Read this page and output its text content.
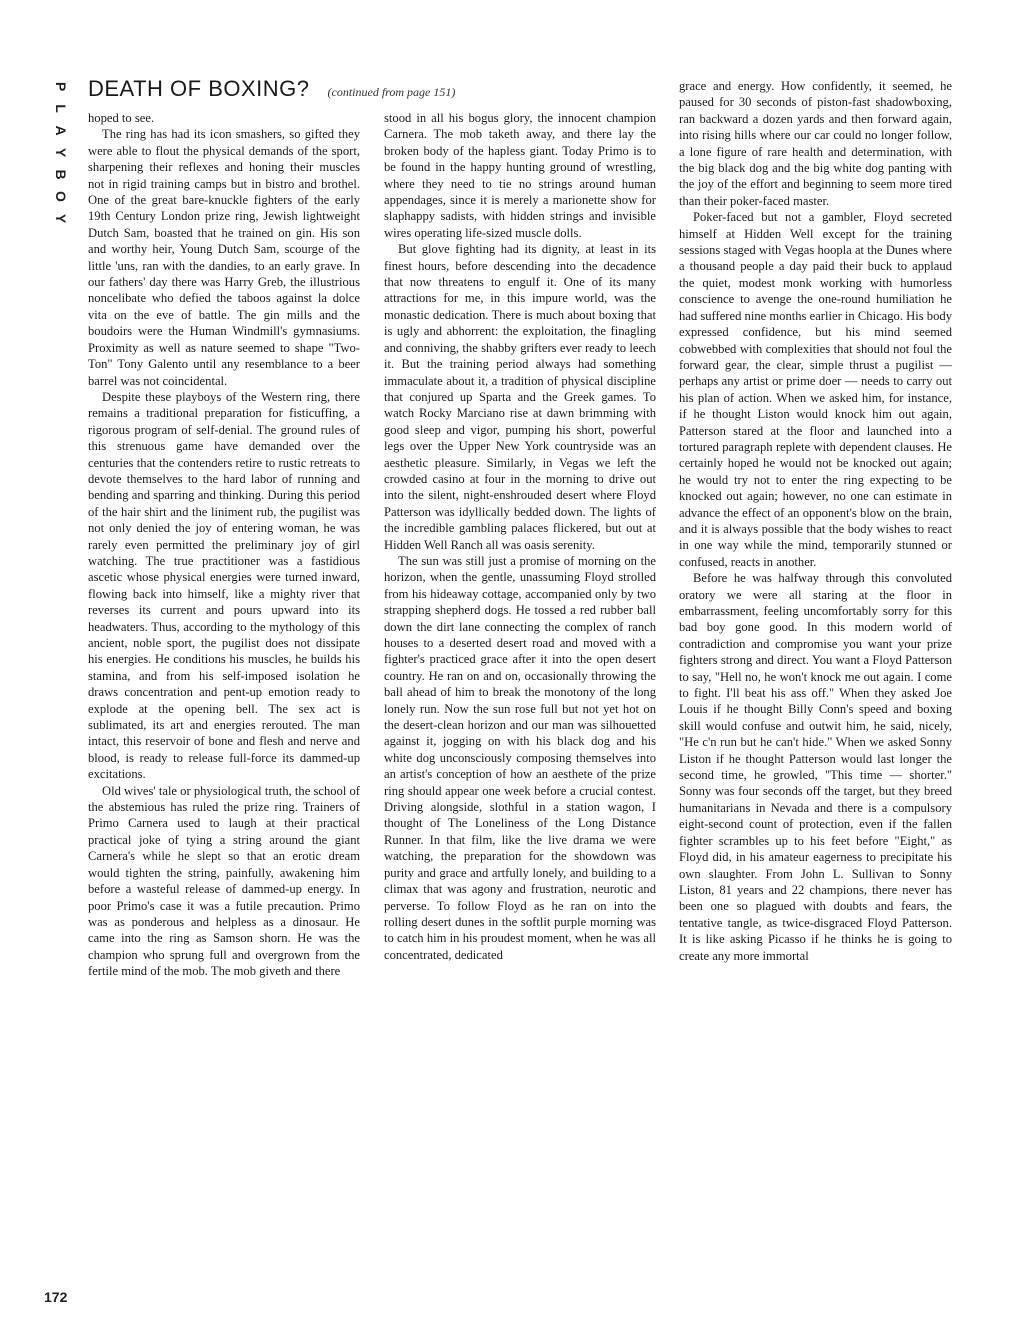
P
L
A
Y
B
O
Y
DEATH OF BOXING? (continued from page 151)

hoped to see.

The ring has had its icon smashers, so gifted they were able to flout the physical demands of the sport, sharpening their reflexes and honing their muscles not in rigid training camps but in bistro and brothel. One of the great bare-knuckle fighters of the early 19th Century London prize ring, Jewish lightweight Dutch Sam, boasted that he trained on gin. His son and worthy heir, Young Dutch Sam, scourge of the little 'uns, ran with the dandies, to an early grave. In our fathers' day there was Harry Greb, the illustrious noncelibate who defied the taboos against la dolce vita on the eve of battle. The gin mills and the boudoirs were the Human Windmill's gymnasiums. Proximity as well as nature seemed to shape "Two-Ton" Tony Galento until any resemblance to a beer barrel was not coincidental.

Despite these playboys of the Western ring, there remains a traditional preparation for fisticuffing, a rigorous program of self-denial. The ground rules of this strenuous game have demanded over the centuries that the contenders retire to rustic retreats to devote themselves to the hard labor of running and bending and sparring and thinking. During this period of the hair shirt and the liniment rub, the pugilist was not only denied the joy of entering woman, he was rarely even permitted the preliminary joy of girl watching. The true practitioner was a fastidious ascetic whose physical energies were turned inward, flowing back into himself, like a mighty river that reverses its current and pours upward into its headwaters. Thus, according to the mythology of this ancient, noble sport, the pugilist does not dissipate his energies. He conditions his muscles, he builds his stamina, and from his self-imposed isolation he draws concentration and pent-up emotion ready to explode at the opening bell. The sex act is sublimated, its art and energies rerouted. The man intact, this reservoir of bone and flesh and nerve and blood, is ready to release full-force its dammed-up excitations.

Old wives' tale or physiological truth, the school of the abstemious has ruled the prize ring. Trainers of Primo Carnera used to laugh at their practical practical joke of tying a string around the giant Carnera's while he slept so that an erotic dream would tighten the string, painfully, awakening him before a wasteful release of dammed-up energy. In poor Primo's case it was a futile precaution. Primo was as ponderous and helpless as a dinosaur. He came into the ring as Samson shorn. He was the champion who sprung full and overgrown from the fertile mind of the mob. The mob giveth and there

stood in all his bogus glory, the innocent champion Carnera. The mob taketh away, and there lay the broken body of the hapless giant. Today Primo is to be found in the happy hunting ground of wrestling, where they need to tie no strings around human appendages, since it is merely a marionette show for slaphappy sadists, with hidden strings and invisible wires operating life-sized muscle dolls.

But glove fighting had its dignity, at least in its finest hours, before descending into the decadence that now threatens to engulf it. One of its many attractions for me, in this impure world, was the monastic dedication. There is much about boxing that is ugly and abhorrent: the exploitation, the finagling and conniving, the shabby grifters ever ready to leech it. But the training period always had something immaculate about it, a tradition of physical discipline that conjured up Sparta and the Greek games. To watch Rocky Marciano rise at dawn brimming with good sleep and vigor, pumping his short, powerful legs over the Upper New York countryside was an aesthetic pleasure. Similarly, in Vegas we left the crowded casino at four in the morning to drive out into the silent, night-enshrouded desert where Floyd Patterson was idyllically bedded down. The lights of the incredible gambling palaces flickered, but out at Hidden Well Ranch all was oasis serenity.

The sun was still just a promise of morning on the horizon, when the gentle, unassuming Floyd strolled from his hideaway cottage, accompanied only by two strapping shepherd dogs. He tossed a red rubber ball down the dirt lane connecting the complex of ranch houses to a deserted desert road and moved with a fighter's practiced grace after it into the open desert country. He ran on and on, occasionally throwing the ball ahead of him to break the monotony of the long lonely run. Now the sun rose full but not yet hot on the desert-clean horizon and our man was silhouetted against it, jogging on with his black dog and his white dog unconsciously composing themselves into an artist's conception of how an aesthete of the prize ring should appear one week before a crucial contest. Driving alongside, slothful in a station wagon, I thought of The Loneliness of the Long Distance Runner. In that film, like the live drama we were watching, the preparation for the showdown was purity and grace and artfully lonely, and building to a climax that was agony and frustration, neurotic and perverse. To follow Floyd as he ran on into the rolling desert dunes in the softlit purple morning was to catch him in his proudest moment, when he was all concentrated, dedicated

grace and energy. How confidently, it seemed, he paused for 30 seconds of piston-fast shadowboxing, ran backward a dozen yards and then forward again, into rising hills where our car could no longer follow, a lone figure of rare health and determination, with the big black dog and the big white dog panting with the joy of the effort and beginning to seem more tired than their poker-faced master.

Poker-faced but not a gambler, Floyd secreted himself at Hidden Well except for the training sessions staged with Vegas hoopla at the Dunes where a thousand people a day paid their buck to applaud the quiet, modest monk working with humorless conscience to avenge the one-round humiliation he had suffered nine months earlier in Chicago. His body expressed confidence, but his mind seemed cobwebbed with complexities that should not foul the forward gear, the clear, simple thrust a pugilist — perhaps any artist or prime doer — needs to carry out his plan of action. When we asked him, for instance, if he thought Liston would knock him out again, Patterson stared at the floor and launched into a tortured paragraph replete with dependent clauses. He certainly hoped he would not be knocked out again; he would try not to enter the ring expecting to be knocked out again; however, no one can estimate in advance the effect of an opponent's blow on the brain, and it is always possible that the body wishes to react in one way while the mind, temporarily stunned or confused, reacts in another.

Before he was halfway through this convoluted oratory we were all staring at the floor in embarrassment, feeling uncomfortably sorry for this bad boy gone good. In this modern world of contradiction and compromise you want your prize fighters strong and direct. You want a Floyd Patterson to say, "Hell no, he won't knock me out again. I come to fight. I'll beat his ass off." When they asked Joe Louis if he thought Billy Conn's speed and boxing skill would confuse and outwit him, he said, nicely, "He c'n run but he can't hide." When we asked Sonny Liston if he thought Patterson would last longer the second time, he growled, "This time — shorter." Sonny was four seconds off the target, but they breed humanitarians in Nevada and there is a compulsory eight-second count of protection, even if the fallen fighter scrambles up to his feet before "Eight," as Floyd did, in his amateur eagerness to precipitate his own slaughter. From John L. Sullivan to Sonny Liston, 81 years and 22 champions, there never has been one so plagued with doubts and fears, the tentative tangle, as twice-disgraced Floyd Patterson. It is like asking Picasso if he thinks he is going to create any more immortal

172
